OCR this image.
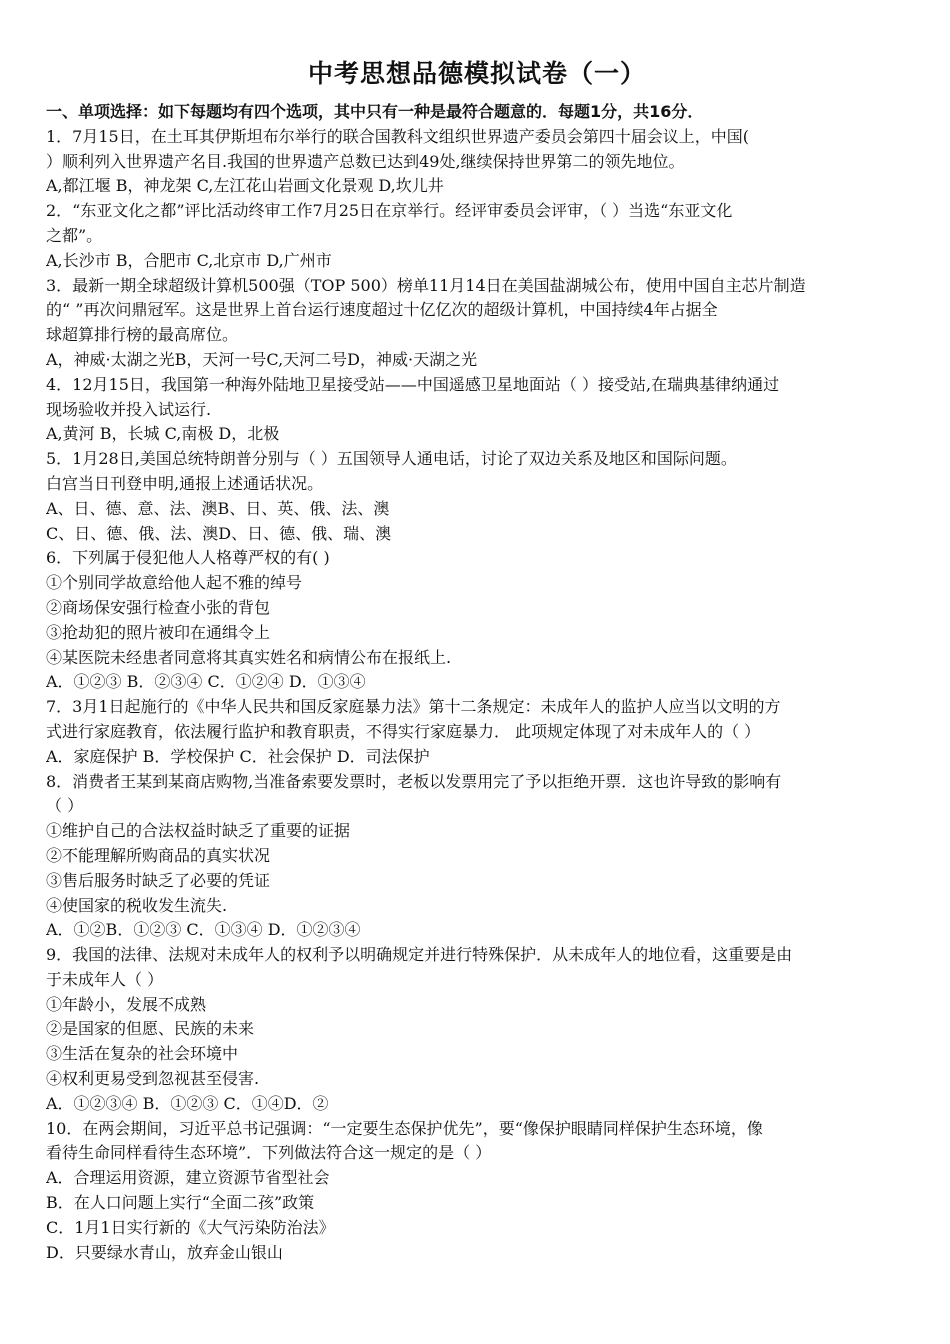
中考思想品德模拟试卷（一）
一、单项选择：如下每题均有四个选项，其中只有一种是最符合题意的．每题1分，共16分．
1．7月15日，在土耳其伊斯坦布尔举行的联合国教科文组织世界遗产委员会第四十届会议上，中国(
）顺利列入世界遗产名目.我国的世界遗产总数已达到49处,继续保持世界第二的领先地位。
A,都江堰 B，神龙架 C,左江花山岩画文化景观 D,坎儿井
2．“东亚文化之都”评比活动终审工作7月25日在京举行。经评审委员会评审，（ ）当选“东亚文化
之都”。
A,长沙市 B，合肥市 C,北京市 D,广州市
3．最新一期全球超级计算机500强（TOP 500）榜单11月14日在美国盐湖城公布，使用中国自主芯片制造
的“ ”再次问鼎冠军。这是世界上首台运行速度超过十亿亿次的超级计算机，中国持续4年占据全
球超算排行榜的最高席位。
A，神威·太湖之光B，天河一号C,天河二号D，神威·天湖之光
4．12月15日，我国第一种海外陆地卫星接受站——中国遥感卫星地面站（ ）接受站,在瑞典基律纳通过
现场验收并投入试运行.
A,黄河 B，长城 C,南极 D，北极
5．1月28日,美国总统特朗普分别与（ ）五国领导人通电话，讨论了双边关系及地区和国际问题。
白宫当日刊登申明,通报上述通话状况。
A、日、德、意、法、澳B、日、英、俄、法、澳
C、日、德、俄、法、澳D、日、德、俄、瑞、澳
6．下列属于侵犯他人人格尊严权的有( )
①个别同学故意给他人起不雅的绰号
②商场保安强行检查小张的背包
③抢劫犯的照片被印在通缉令上
④某医院未经患者同意将其真实姓名和病情公布在报纸上.
A．①②③ B．②③④ C．①②④ D．①③④
7．3月1日起施行的《中华人民共和国反家庭暴力法》第十二条规定：未成年人的监护人应当以文明的方
式进行家庭教育，依法履行监护和教育职责，不得实行家庭暴力． 此项规定体现了对未成年人的（ ）
A．家庭保护 B．学校保护 C．社会保护 D．司法保护
8．消费者王某到某商店购物,当准备索要发票时，老板以发票用完了予以拒绝开票．这也许导致的影响有
（ ）
①维护自己的合法权益时缺乏了重要的证据
②不能理解所购商品的真实状况
③售后服务时缺乏了必要的凭证
④使国家的税收发生流失.
A．①②B．①②③ C．①③④ D．①②③④
9．我国的法律、法规对未成年人的权利予以明确规定并进行特殊保护．从未成年人的地位看，这重要是由
于未成年人（ ）
①年龄小，发展不成熟
②是国家的但愿、民族的未来
③生活在复杂的社会环境中
④权利更易受到忽视甚至侵害.
A．①②③④ B．①②③ C．①④D．②
10．在两会期间，习近平总书记强调：“一定要生态保护优先”，要“像保护眼睛同样保护生态环境，像
看待生命同样看待生态环境”．下列做法符合这一规定的是（ ）
A．合理运用资源，建立资源节省型社会
B．在人口问题上实行“全面二孩”政策
C．1月1日实行新的《大气污染防治法》
D．只要绿水青山，放弃金山银山
